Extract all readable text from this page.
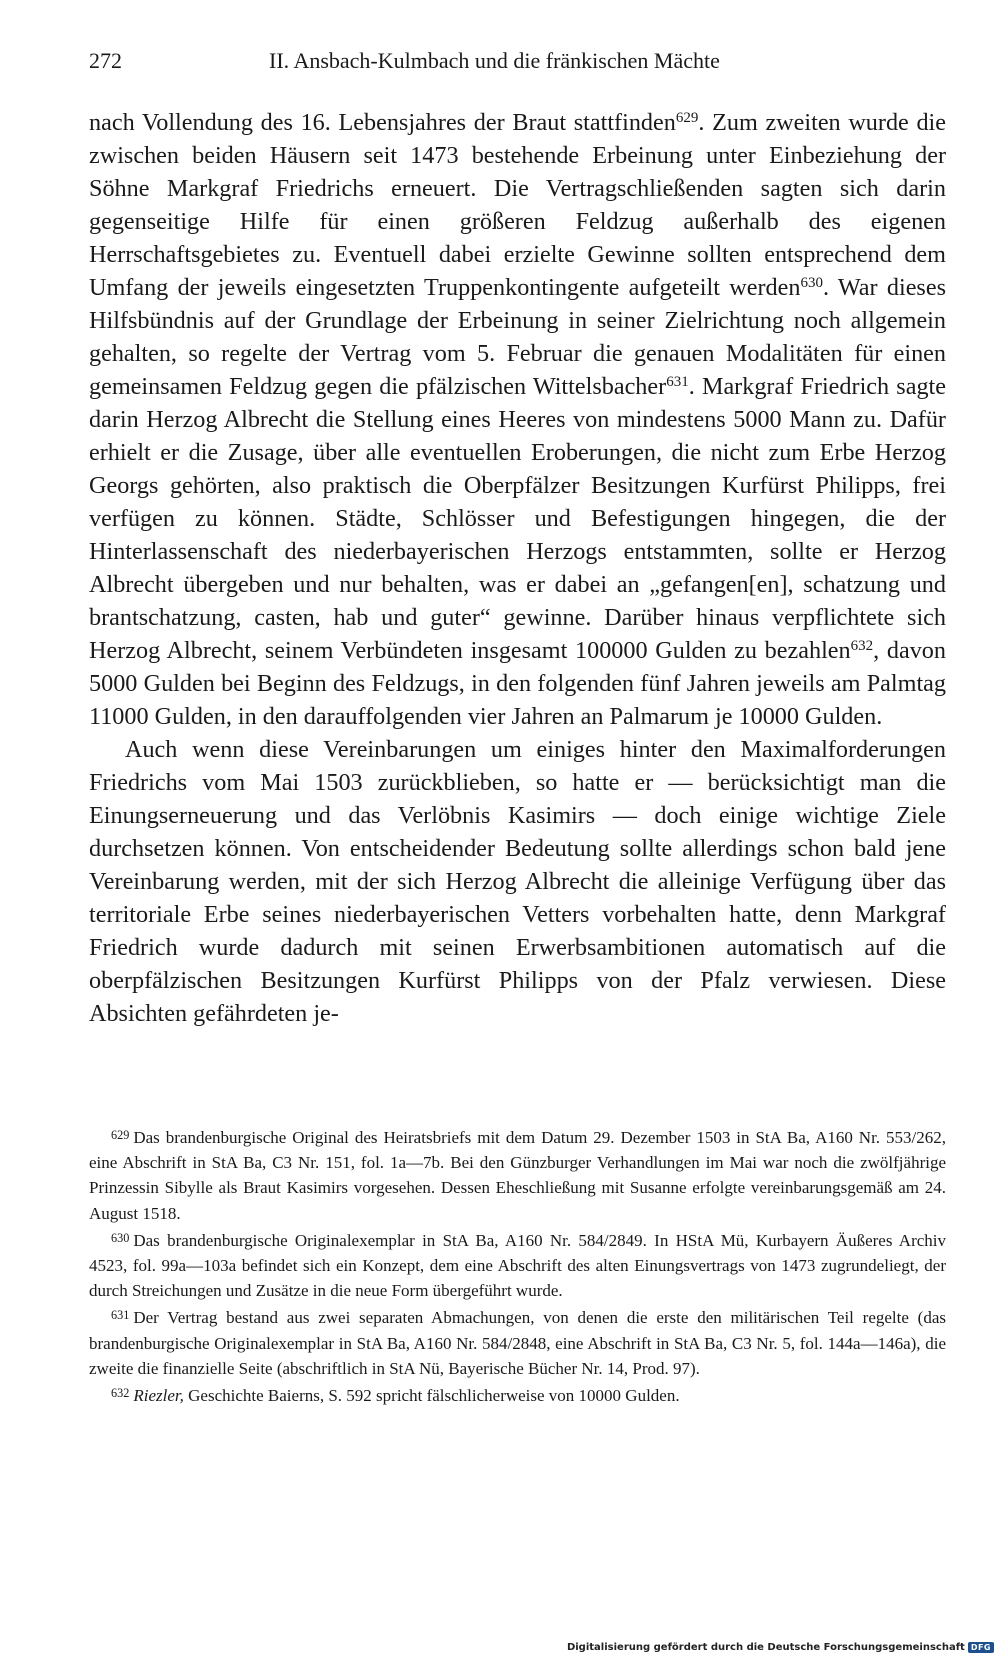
272	II. Ansbach-Kulmbach und die fränkischen Mächte

nach Vollendung des 16. Lebensjahres der Braut stattfinden$^{629}$. Zum zweiten wurde die zwischen beiden Häusern seit 1473 bestehende Erbeinung unter Einbeziehung der Söhne Markgraf Friedrichs erneuert. Die Vertragschließenden sagten sich darin gegenseitige Hilfe für einen größeren Feldzug außerhalb des eigenen Herrschaftsgebietes zu. Eventuell dabei erzielte Gewinne sollten entsprechend dem Umfang der jeweils eingesetzten Truppenkontingente aufgeteilt werden$^{630}$. War dieses Hilfsbündnis auf der Grundlage der Erbeinung in seiner Zielrichtung noch allgemein gehalten, so regelte der Vertrag vom 5. Februar die genauen Modalitäten für einen gemeinsamen Feldzug gegen die pfälzischen Wittelsbacher$^{631}$. Markgraf Friedrich sagte darin Herzog Albrecht die Stellung eines Heeres von mindestens 5000 Mann zu. Dafür erhielt er die Zusage, über alle eventuellen Eroberungen, die nicht zum Erbe Herzog Georgs gehörten, also praktisch die Oberpfälzer Besitzungen Kurfürst Philipps, frei verfügen zu können. Städte, Schlösser und Befestigungen hingegen, die der Hinterlassenschaft des niederbayerischen Herzogs entstammten, sollte er Herzog Albrecht übergeben und nur behalten, was er dabei an „gefangen[en], schatzung und brantschatzung, casten, hab und guter“ gewinne. Darüber hinaus verpflichtete sich Herzog Albrecht, seinem Verbündeten insgesamt 100000 Gulden zu bezahlen$^{632}$, davon 5000 Gulden bei Beginn des Feldzugs, in den folgenden fünf Jahren jeweils am Palmtag 11000 Gulden, in den darauffolgenden vier Jahren an Palmarum je 10000 Gulden.

Auch wenn diese Vereinbarungen um einiges hinter den Maximalforderungen Friedrichs vom Mai 1503 zurückblieben, so hatte er — berücksichtigt man die Einungserneuerung und das Verlöbnis Kasimirs — doch einige wichtige Ziele durchsetzen können. Von entscheidender Bedeutung sollte allerdings schon bald jene Vereinbarung werden, mit der sich Herzog Albrecht die alleinige Verfügung über das territoriale Erbe seines niederbayerischen Vetters vorbehalten hatte, denn Markgraf Friedrich wurde dadurch mit seinen Erwerbsambitionen automatisch auf die oberpfälzischen Besitzungen Kurfürst Philipps von der Pfalz verwiesen. Diese Absichten gefährdeten je-

$^{629}$ Das brandenburgische Original des Heiratsbriefs mit dem Datum 29. Dezember 1503 in StA Ba, A160 Nr. 553/262, eine Abschrift in StA Ba, C3 Nr. 151, fol. 1a—7b. Bei den Günzburger Verhandlungen im Mai war noch die zwölfjährige Prinzessin Sibylle als Braut Kasimirs vorgesehen. Dessen Eheschließung mit Susanne erfolgte vereinbarungsgemäß am 24. August 1518.

$^{630}$ Das brandenburgische Originalexemplar in StA Ba, A160 Nr. 584/2849. In HStA Mü, Kurbayern Äußeres Archiv 4523, fol. 99a—103a befindet sich ein Konzept, dem eine Abschrift des alten Einungsvertrags von 1473 zugrundeliegt, der durch Streichungen und Zusätze in die neue Form übergeführt wurde.

$^{631}$ Der Vertrag bestand aus zwei separaten Abmachungen, von denen die erste den militärischen Teil regelte (das brandenburgische Originalexemplar in StA Ba, A160 Nr. 584/2848, eine Abschrift in StA Ba, C3 Nr. 5, fol. 144a—146a), die zweite die finanzielle Seite (abschriftlich in StA Nü, Bayerische Bücher Nr. 14, Prod. 97).

$^{632}$ Riezler, Geschichte Baierns, S. 592 spricht fälschlicherweise von 10000 Gulden.

Digitalisierung gefördert durch die Deutsche Forschungsgemeinschaft DFG
